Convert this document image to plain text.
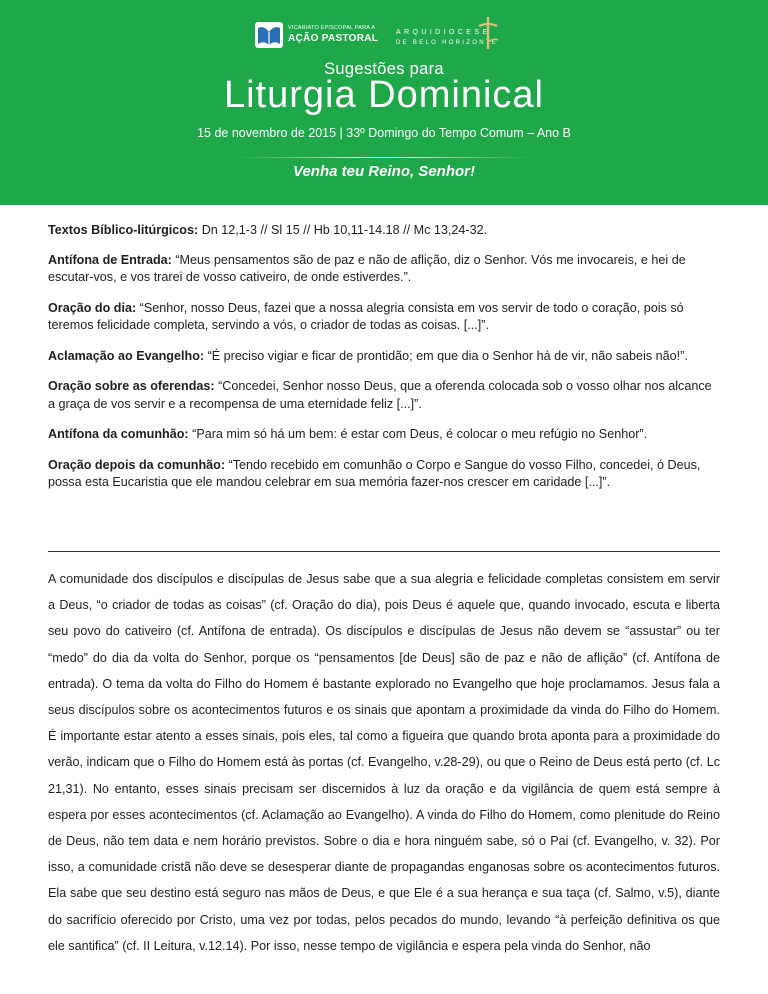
VICARIATO EPISCOPAL PARA A
AÇÃO PASTORAL
ARQUIDIOCESE
DE BELO HORIZONTE
Sugestões para
Liturgia Dominical
15 de novembro de 2015 | 33º Domingo do Tempo Comum – Ano B
Venha teu Reino, Senhor!

Textos Bíblico-litúrgicos: Dn 12,1-3 // Sl 15 // Hb 10,11-14.18 // Mc 13,24-32.

Antífona de Entrada: “Meus pensamentos são de paz e não de aflição, diz o Senhor. Vós me invocareis, e hei de escutar-vos, e vos trarei de vosso cativeiro, de onde estiverdes.”.

Oração do dia: “Senhor, nosso Deus, fazei que a nossa alegria consista em vos servir de todo o coração, pois só teremos felicidade completa, servindo a vós, o criador de todas as coisas. [...]”.

Aclamação ao Evangelho: “É preciso vigiar e ficar de prontidão; em que dia o Senhor há de vir, não sabeis não!”.

Oração sobre as oferendas: “Concedei, Senhor nosso Deus, que a oferenda colocada sob o vosso olhar nos alcance a graça de vos servir e a recompensa de uma eternidade feliz [...]”.

Antífona da comunhão: “Para mim só há um bem: é estar com Deus, é colocar o meu refúgio no Senhor”.

Oração depois da comunhão: “Tendo recebido em comunhão o Corpo e Sangue do vosso Filho, concedei, ó Deus, possa esta Eucaristia que ele mandou celebrar em sua memória fazer-nos crescer em caridade [...]”.

A comunidade dos discípulos e discípulas de Jesus sabe que a sua alegria e felicidade completas consistem em servir a Deus, “o criador de todas as coisas” (cf. Oração do dia), pois Deus é aquele que, quando invocado, escuta e liberta seu povo do cativeiro (cf. Antífona de entrada). Os discípulos e discípulas de Jesus não devem se “assustar” ou ter “medo” do dia da volta do Senhor, porque os “pensamentos [de Deus] são de paz e não de aflição” (cf. Antífona de entrada). O tema da volta do Filho do Homem é bastante explorado no Evangelho que hoje proclamamos. Jesus fala a seus discípulos sobre os acontecimentos futuros e os sinais que apontam a proximidade da vinda do Filho do Homem. É importante estar atento a esses sinais, pois eles, tal como a figueira que quando brota aponta para a proximidade do verão, indicam que o Filho do Homem está às portas (cf. Evangelho, v.28-29), ou que o Reino de Deus está perto (cf. Lc 21,31). No entanto, esses sinais precisam ser discernidos à luz da oração e da vigilância de quem está sempre à espera por esses acontecimentos (cf. Aclamação ao Evangelho). A vinda do Filho do Homem, como plenitude do Reino de Deus, não tem data e nem horário previstos. Sobre o dia e hora ninguém sabe, só o Pai (cf. Evangelho, v. 32). Por isso, a comunidade cristã não deve se desesperar diante de propagandas enganosas sobre os acontecimentos futuros. Ela sabe que seu destino está seguro nas mãos de Deus, e que Ele é a sua herança e sua taça (cf. Salmo, v.5), diante do sacrifício oferecido por Cristo, uma vez por todas, pelos pecados do mundo, levando “à perfeição definitiva os que ele santifica” (cf. II Leitura, v.12.14). Por isso, nesse tempo de vigilância e espera pela vinda do Senhor, não
